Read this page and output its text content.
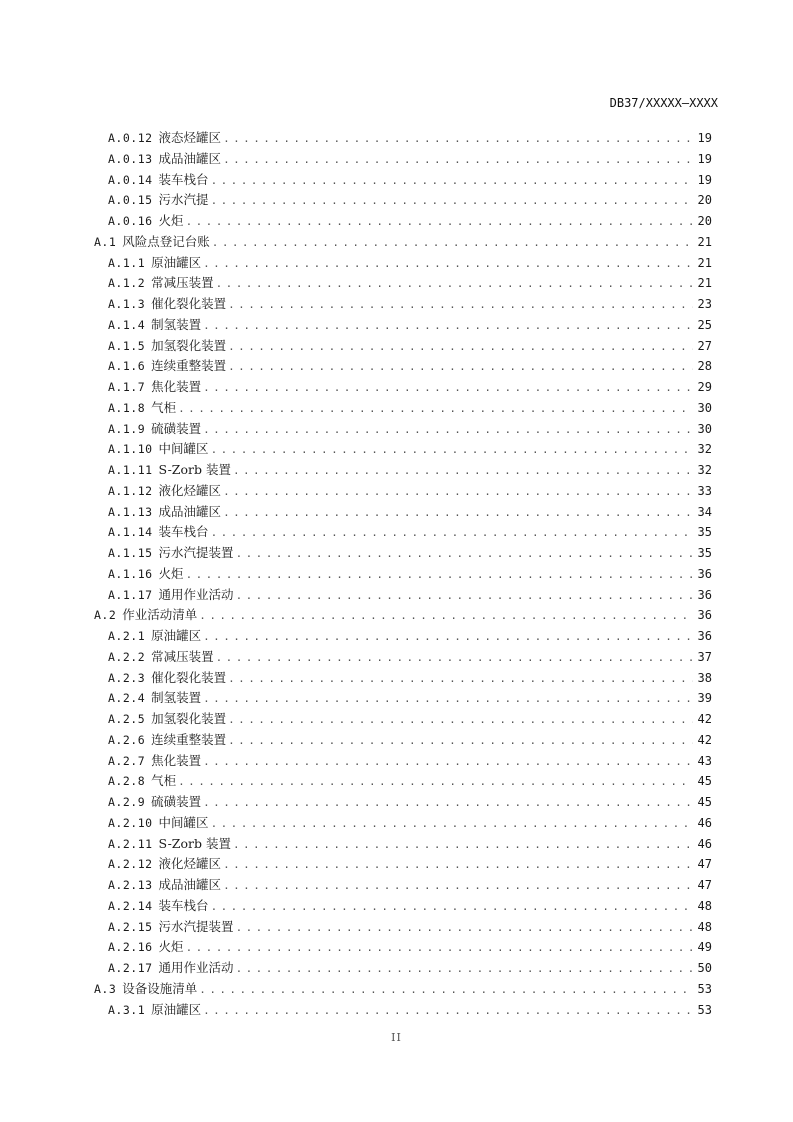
DB37/XXXXX—XXXX
A.0.12 液态烃罐区 . . .	19
A.0.13 成品油罐区 . . .	19
A.0.14 装车栈台 . . .	19
A.0.15 污水汽提 . . .	20
A.0.16 火炬 . . .	20
A.1 风险点登记台账 . . .	21
A.1.1 原油罐区 . . .	21
A.1.2 常减压装置 . . .	21
A.1.3 催化裂化装置 . . .	23
A.1.4 制氢装置 . . .	25
A.1.5 加氢裂化装置 . . .	27
A.1.6 连续重整装置 . . .	28
A.1.7 焦化装置 . . .	29
A.1.8 气柜 . . .	30
A.1.9 硫磺装置 . . .	30
A.1.10 中间罐区 . . .	32
A.1.11 S-Zorb 装置 . . .	32
A.1.12 液化烃罐区 . . .	33
A.1.13 成品油罐区 . . .	34
A.1.14 装车栈台 . . .	35
A.1.15 污水汽提装置 . . .	35
A.1.16 火炬 . . .	36
A.1.17 通用作业活动 . . .	36
A.2 作业活动清单 . . .	36
A.2.1 原油罐区 . . .	36
A.2.2 常减压装置 . . .	37
A.2.3 催化裂化装置 . . .	38
A.2.4 制氢装置 . . .	39
A.2.5 加氢裂化装置 . . .	42
A.2.6 连续重整装置 . . .	42
A.2.7 焦化装置 . . .	43
A.2.8 气柜 . . .	45
A.2.9 硫磺装置 . . .	45
A.2.10 中间罐区 . . .	46
A.2.11 S-Zorb 装置 . . .	46
A.2.12 液化烃罐区 . . .	47
A.2.13 成品油罐区 . . .	47
A.2.14 装车栈台 . . .	48
A.2.15 污水汽提装置 . . .	48
A.2.16 火炬 . . .	49
A.2.17 通用作业活动 . . .	50
A.3 设备设施清单 . . .	53
A.3.1 原油罐区 . . .	53
II
